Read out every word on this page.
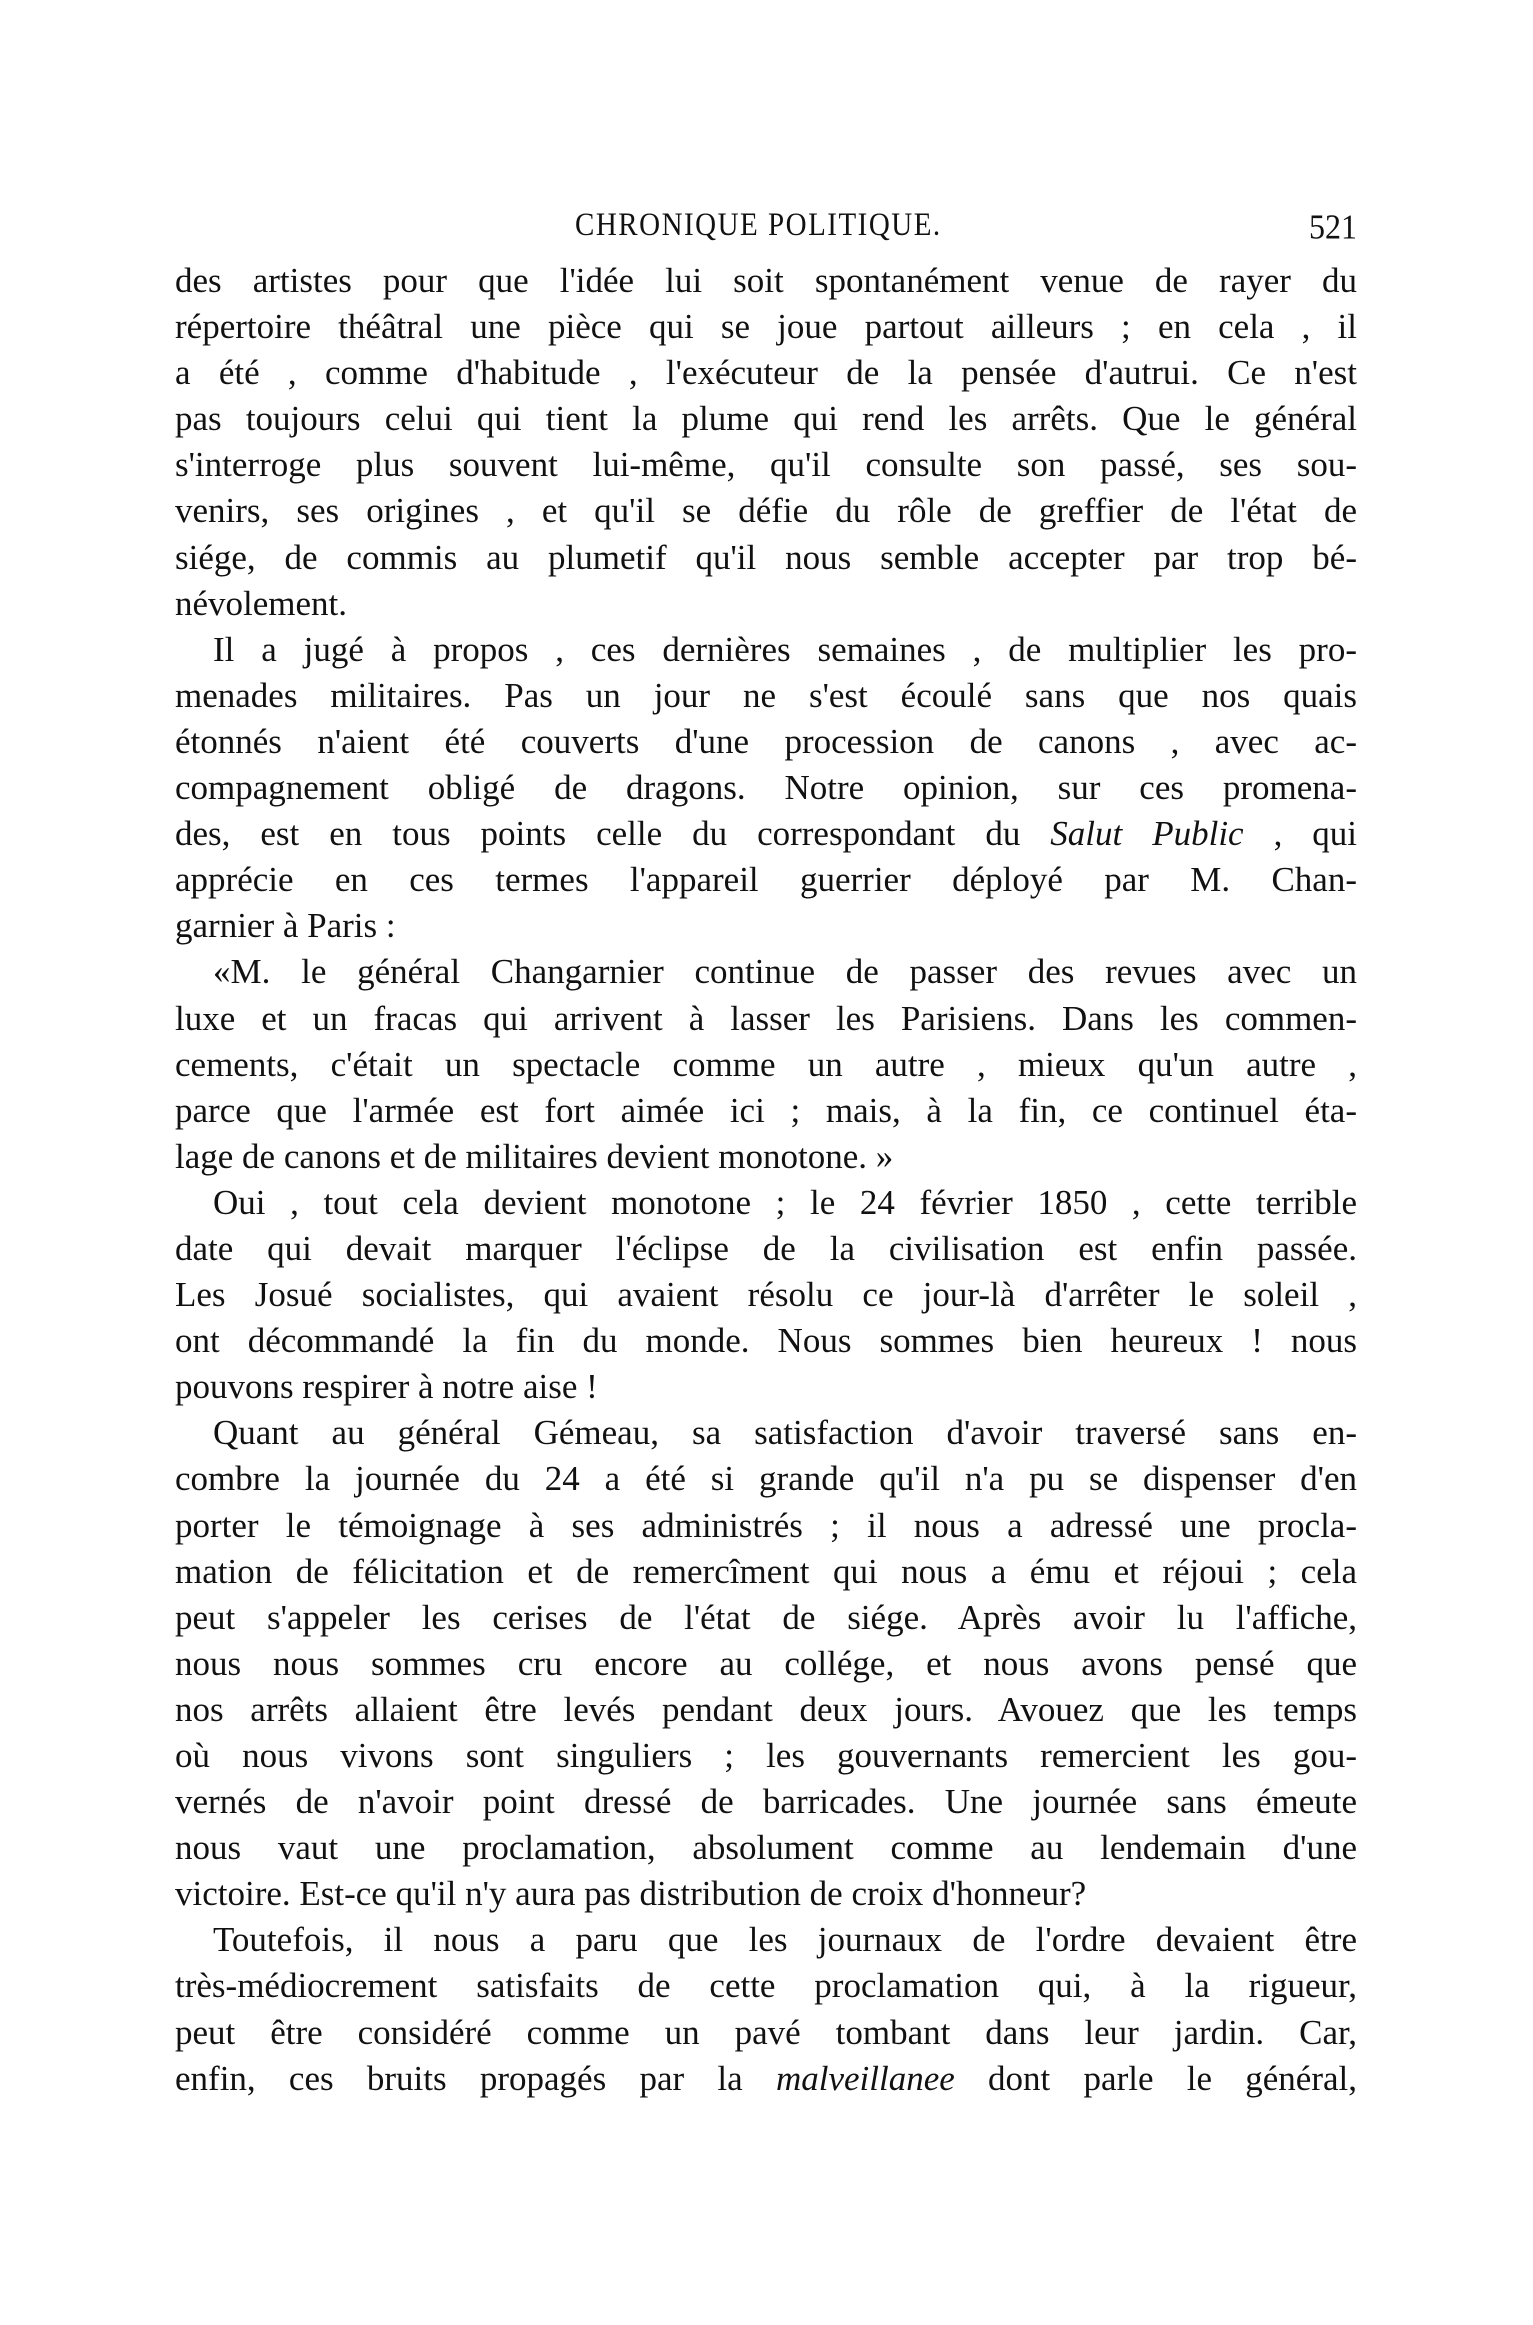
CHRONIQUE POLITIQUE.	521
des artistes pour que l'idée lui soit spontanément venue de rayer du
répertoire théâtral une pièce qui se joue partout ailleurs ; en cela , il
a été , comme d'habitude , l'exécuteur de la pensée d'autrui. Ce n'est
pas toujours celui qui tient la plume qui rend les arrêts. Que le général
s'interroge plus souvent lui-même, qu'il consulte son passé, ses sou-
venirs, ses origines , et qu'il se défie du rôle de greffier de l'état de
siége, de commis au plumetif qu'il nous semble accepter par trop bé-
névolement.
Il a jugé à propos , ces dernières semaines , de multiplier les pro-
menades militaires. Pas un jour ne s'est écoulé sans que nos quais
étonnés n'aient été couverts d'une procession de canons , avec ac-
compagnement obligé de dragons. Notre opinion, sur ces promena-
des, est en tous points celle du correspondant du Salut Public , qui
apprécie en ces termes l'appareil guerrier déployé par M. Chan-
garnier à Paris :
«M. le général Changarnier continue de passer des revues avec un
luxe et un fracas qui arrivent à lasser les Parisiens. Dans les commen-
cements, c'était un spectacle comme un autre , mieux qu'un autre ,
parce que l'armée est fort aimée ici ; mais, à la fin, ce continuel éta-
lage de canons et de militaires devient monotone. »
Oui , tout cela devient monotone ; le 24 février 1850 , cette terrible
date qui devait marquer l'éclipse de la civilisation est enfin passée.
Les Josué socialistes, qui avaient résolu ce jour-là d'arrêter le soleil ,
ont décommandé la fin du monde. Nous sommes bien heureux ! nous
pouvons respirer à notre aise !
Quant au général Gémeau, sa satisfaction d'avoir traversé sans en-
combre la journée du 24 a été si grande qu'il n'a pu se dispenser d'en
porter le témoignage à ses administrés ; il nous a adressé une procla-
mation de félicitation et de remercîment qui nous a ému et réjoui ; cela
peut s'appeler les cerises de l'état de siége. Après avoir lu l'affiche,
nous nous sommes cru encore au collége, et nous avons pensé que
nos arrêts allaient être levés pendant deux jours. Avouez que les temps
où nous vivons sont singuliers ; les gouvernants remercient les gou-
vernés de n'avoir point dressé de barricades. Une journée sans émeute
nous vaut une proclamation, absolument comme au lendemain d'une
victoire. Est-ce qu'il n'y aura pas distribution de croix d'honneur?
Toutefois, il nous a paru que les journaux de l'ordre devaient être
très-médiocrement satisfaits de cette proclamation qui, à la rigueur,
peut être considéré comme un pavé tombant dans leur jardin. Car,
enfin, ces bruits propagés par la malveillanee dont parle le général,
